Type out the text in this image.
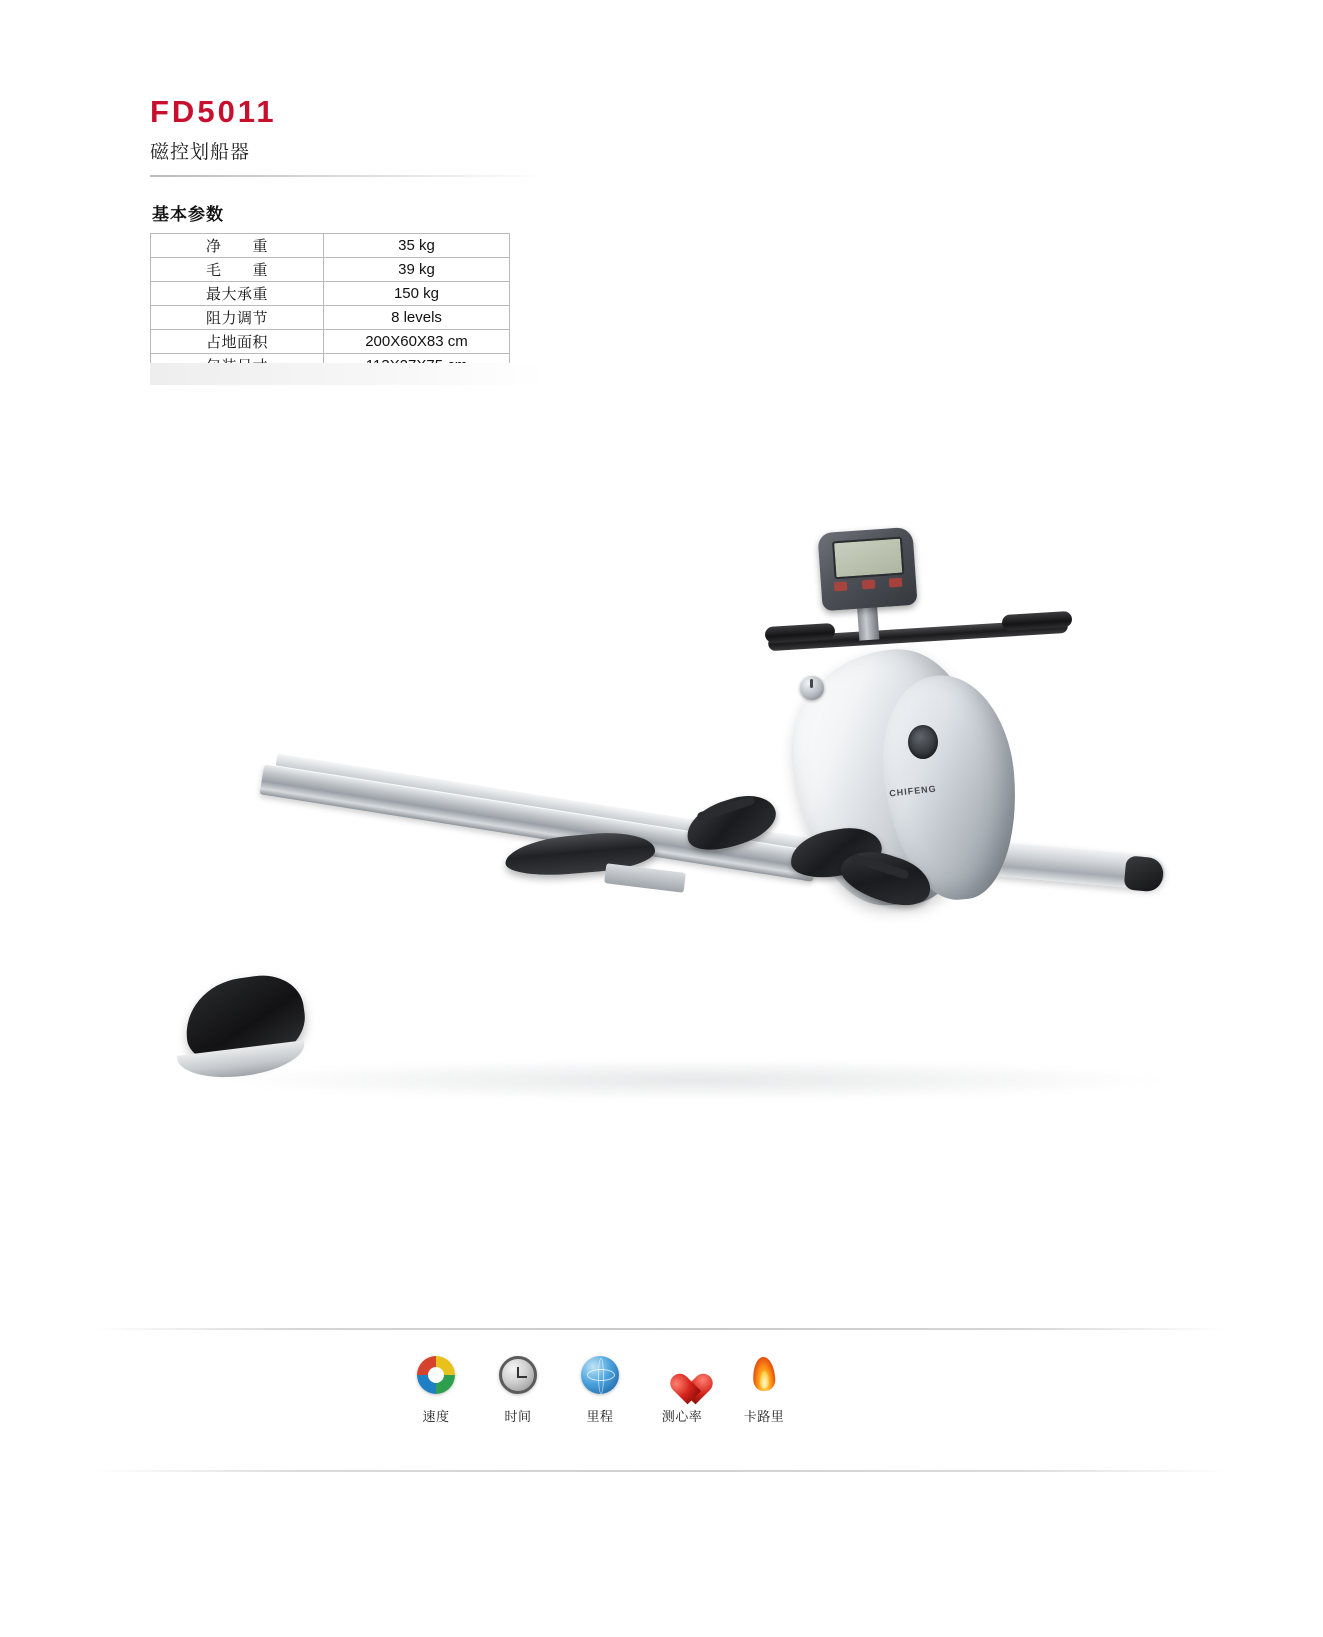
FD5011
磁控划船器
基本参数
净　　重	35 kg
毛　　重	39 kg
最大承重	150 kg
阻力调节	8 levels
占地面积	200X60X83 cm

CHIFENG
速度	时间	里程	测心率	卡路里
